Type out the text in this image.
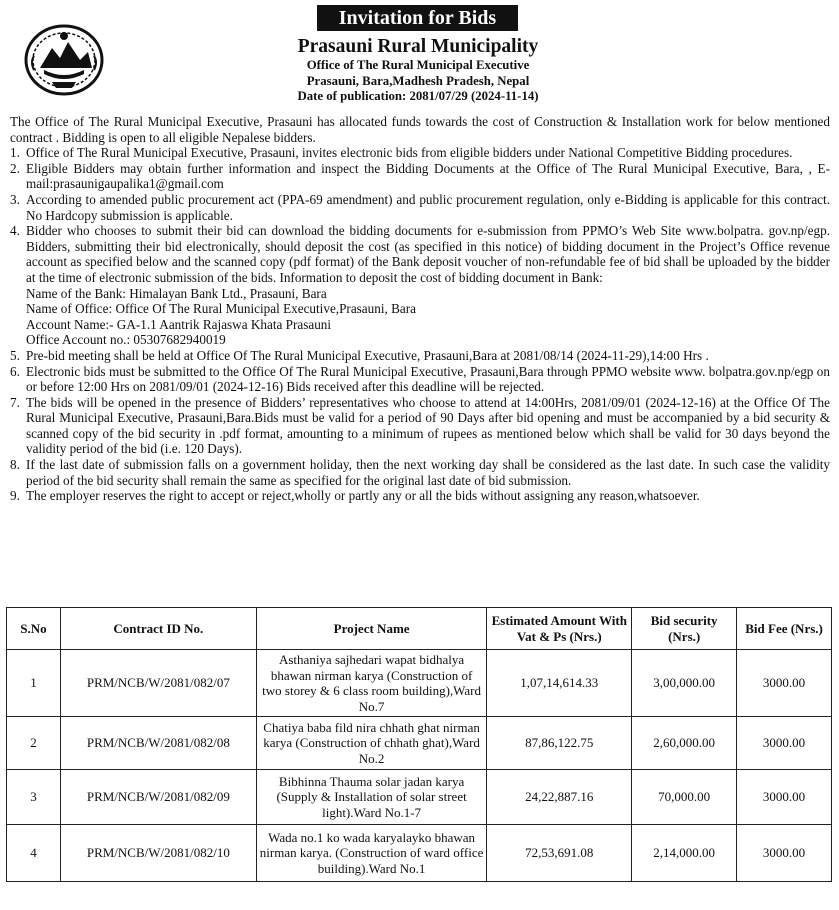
Invitation for Bids
Prasauni Rural Municipality
Office of The Rural Municipal Executive
Prasauni, Bara,Madhesh Pradesh, Nepal
Date of publication: 2081/07/29 (2024-11-14)

The Office of The Rural Municipal Executive, Prasauni has allocated funds towards the cost of Construction & Installation work for below mentioned contract . Bidding is open to all eligible Nepalese bidders.

1. Office of The Rural Municipal Executive, Prasauni, invites electronic bids from eligible bidders under National Competitive Bidding procedures.
2. Eligible Bidders may obtain further information and inspect the Bidding Documents at the Office of The Rural Municipal Executive, Bara, , E-mail:prasaunigaupalika1@gmail.com
3. According to amended public procurement act (PPA-69 amendment) and public procurement regulation, only e-Bidding is applicable for this contract. No Hardcopy submission is applicable.
4. Bidder who chooses to submit their bid can download the bidding documents for e-submission from PPMO’s Web Site www.bolpatra. gov.np/egp. Bidders, submitting their bid electronically, should deposit the cost (as specified in this notice) of bidding document in the Project’s Office revenue account as specified below and the scanned copy (pdf format) of the Bank deposit voucher of non-refundable fee of bid shall be uploaded by the bidder at the time of electronic submission of the bids. Information to deposit the cost of bidding document in Bank:
Name of the Bank: Himalayan Bank Ltd., Prasauni, Bara
Name of Office: Office Of The Rural Municipal Executive,Prasauni, Bara
Account Name:- GA-1.1 Aantrik Rajaswa Khata Prasauni
Office Account no.: 05307682940019
5. Pre-bid meeting shall be held at Office Of The Rural Municipal Executive, Prasauni,Bara at 2081/08/14 (2024-11-29),14:00 Hrs .
6. Electronic bids must be submitted to the Office Of The Rural Municipal Executive, Prasauni,Bara through PPMO website www. bolpatra.gov.np/egp on or before 12:00 Hrs on 2081/09/01 (2024-12-16) Bids received after this deadline will be rejected.
7. The bids will be opened in the presence of Bidders’ representatives who choose to attend at 14:00Hrs, 2081/09/01 (2024-12-16) at the Office Of The Rural Municipal Executive, Prasauni,Bara.Bids must be valid for a period of 90 Days after bid opening and must be accompanied by a bid security & scanned copy of the bid security in .pdf format, amounting to a minimum of rupees as mentioned below which shall be valid for 30 days beyond the validity period of the bid (i.e. 120 Days).
8. If the last date of submission falls on a government holiday, then the next working day shall be considered as the last date. In such case the validity period of the bid security shall remain the same as specified for the original last date of bid submission.
9. The employer reserves the right to accept or reject,wholly or partly any or all the bids without assigning any reason,whatsoever.
S.No	Contract ID No.	Project Name	Estimated Amount With Vat & Ps (Nrs.)	Bid security (Nrs.)	Bid Fee (Nrs.)
1	PRM/NCB/W/2081/082/07	Asthaniya sajhedari wapat bidhalya bhawan nirman karya (Construction of two storey & 6 class room building),Ward No.7	1,07,14,614.33	3,00,000.00	3000.00
2	PRM/NCB/W/2081/082/08	Chatiya baba fild nira chhath ghat nirman karya (Construction of chhath ghat),Ward No.2	87,86,122.75	2,60,000.00	3000.00
3	PRM/NCB/W/2081/082/09	Bibhinna Thauma solar jadan karya (Supply & Installation of solar street light).Ward No.1-7	24,22,887.16	70,000.00	3000.00
4	PRM/NCB/W/2081/082/10	Wada no.1 ko wada karyalayko bhawan nirman karya. (Construction of ward office building).Ward No.1	72,53,691.08	2,14,000.00	3000.00
